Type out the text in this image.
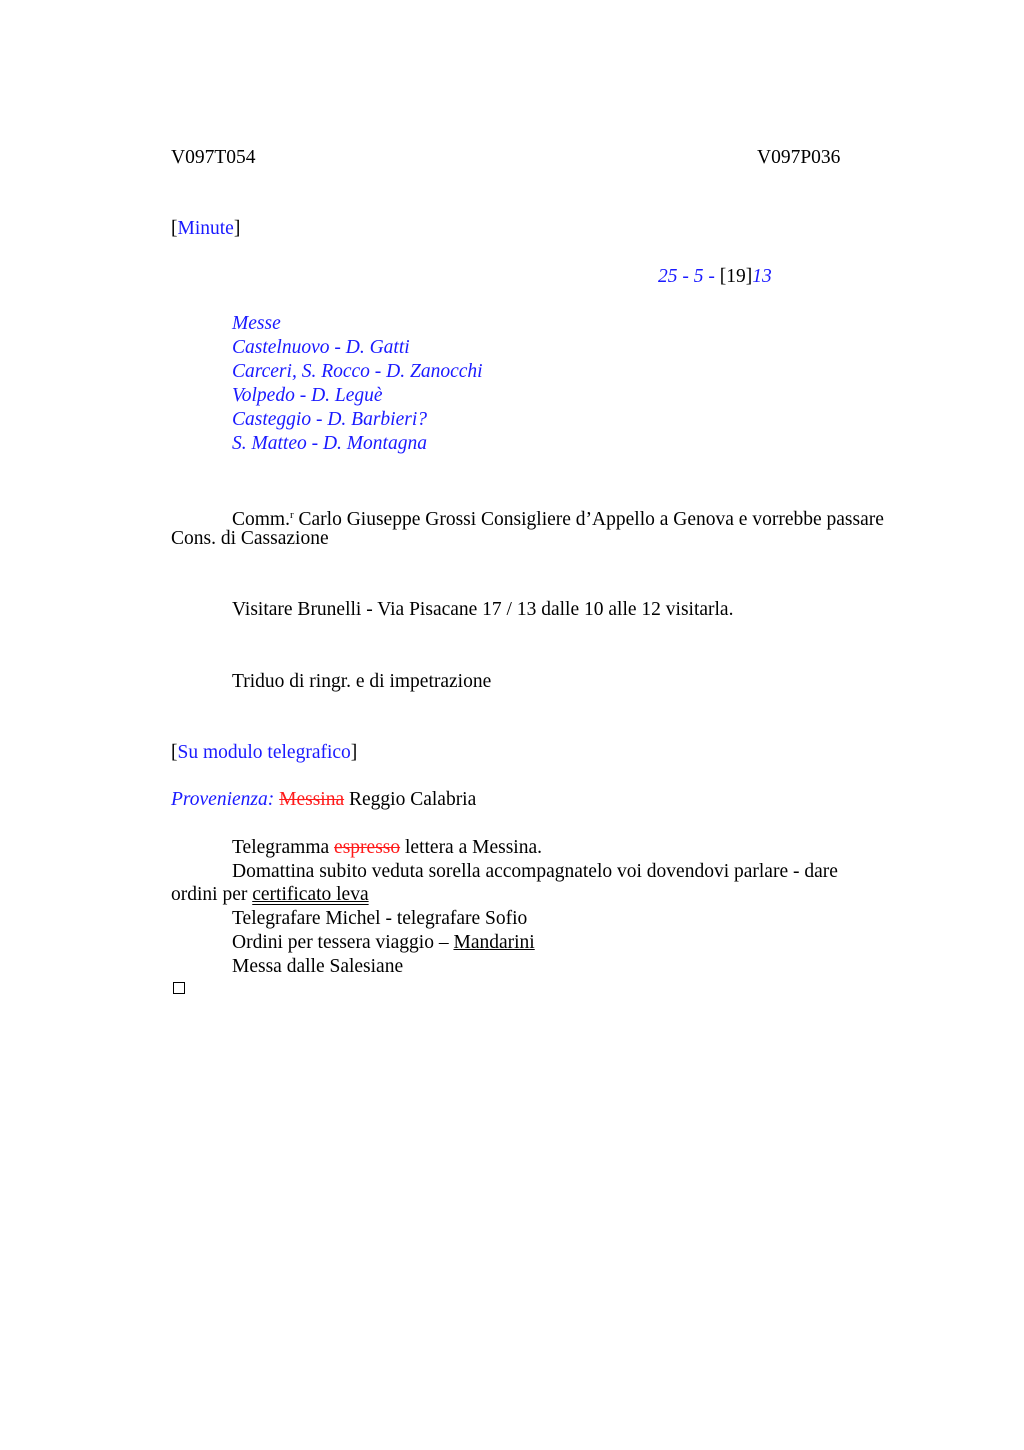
V097T054	V097P036
[Minute]
25 - 5 - [19]13
Messe
Castelnuovo - D. Gatti
Carceri, S. Rocco - D. Zanocchi
Volpedo - D. Leguè
Casteggio - D. Barbieri?
S. Matteo - D. Montagna
Comm.$^r$ Carlo Giuseppe Grossi Consigliere d’Appello a Genova e vorrebbe passare
Cons. di Cassazione
Visitare Brunelli - Via Pisacane 17 / 13 dalle 10 alle 12 visitarla.
Triduo di ringr. e di impetrazione
[Su modulo telegrafico]
Provenienza: Messina Reggio Calabria
Telegramma espresso lettera a Messina.
Domattina subito veduta sorella accompagnatelo voi dovendovi parlare - dare
ordini per certificato leva
Telegrafare Michel - telegrafare Sofio
Ordini per tessera viaggio – Mandarini
Messa dalle Salesiane
